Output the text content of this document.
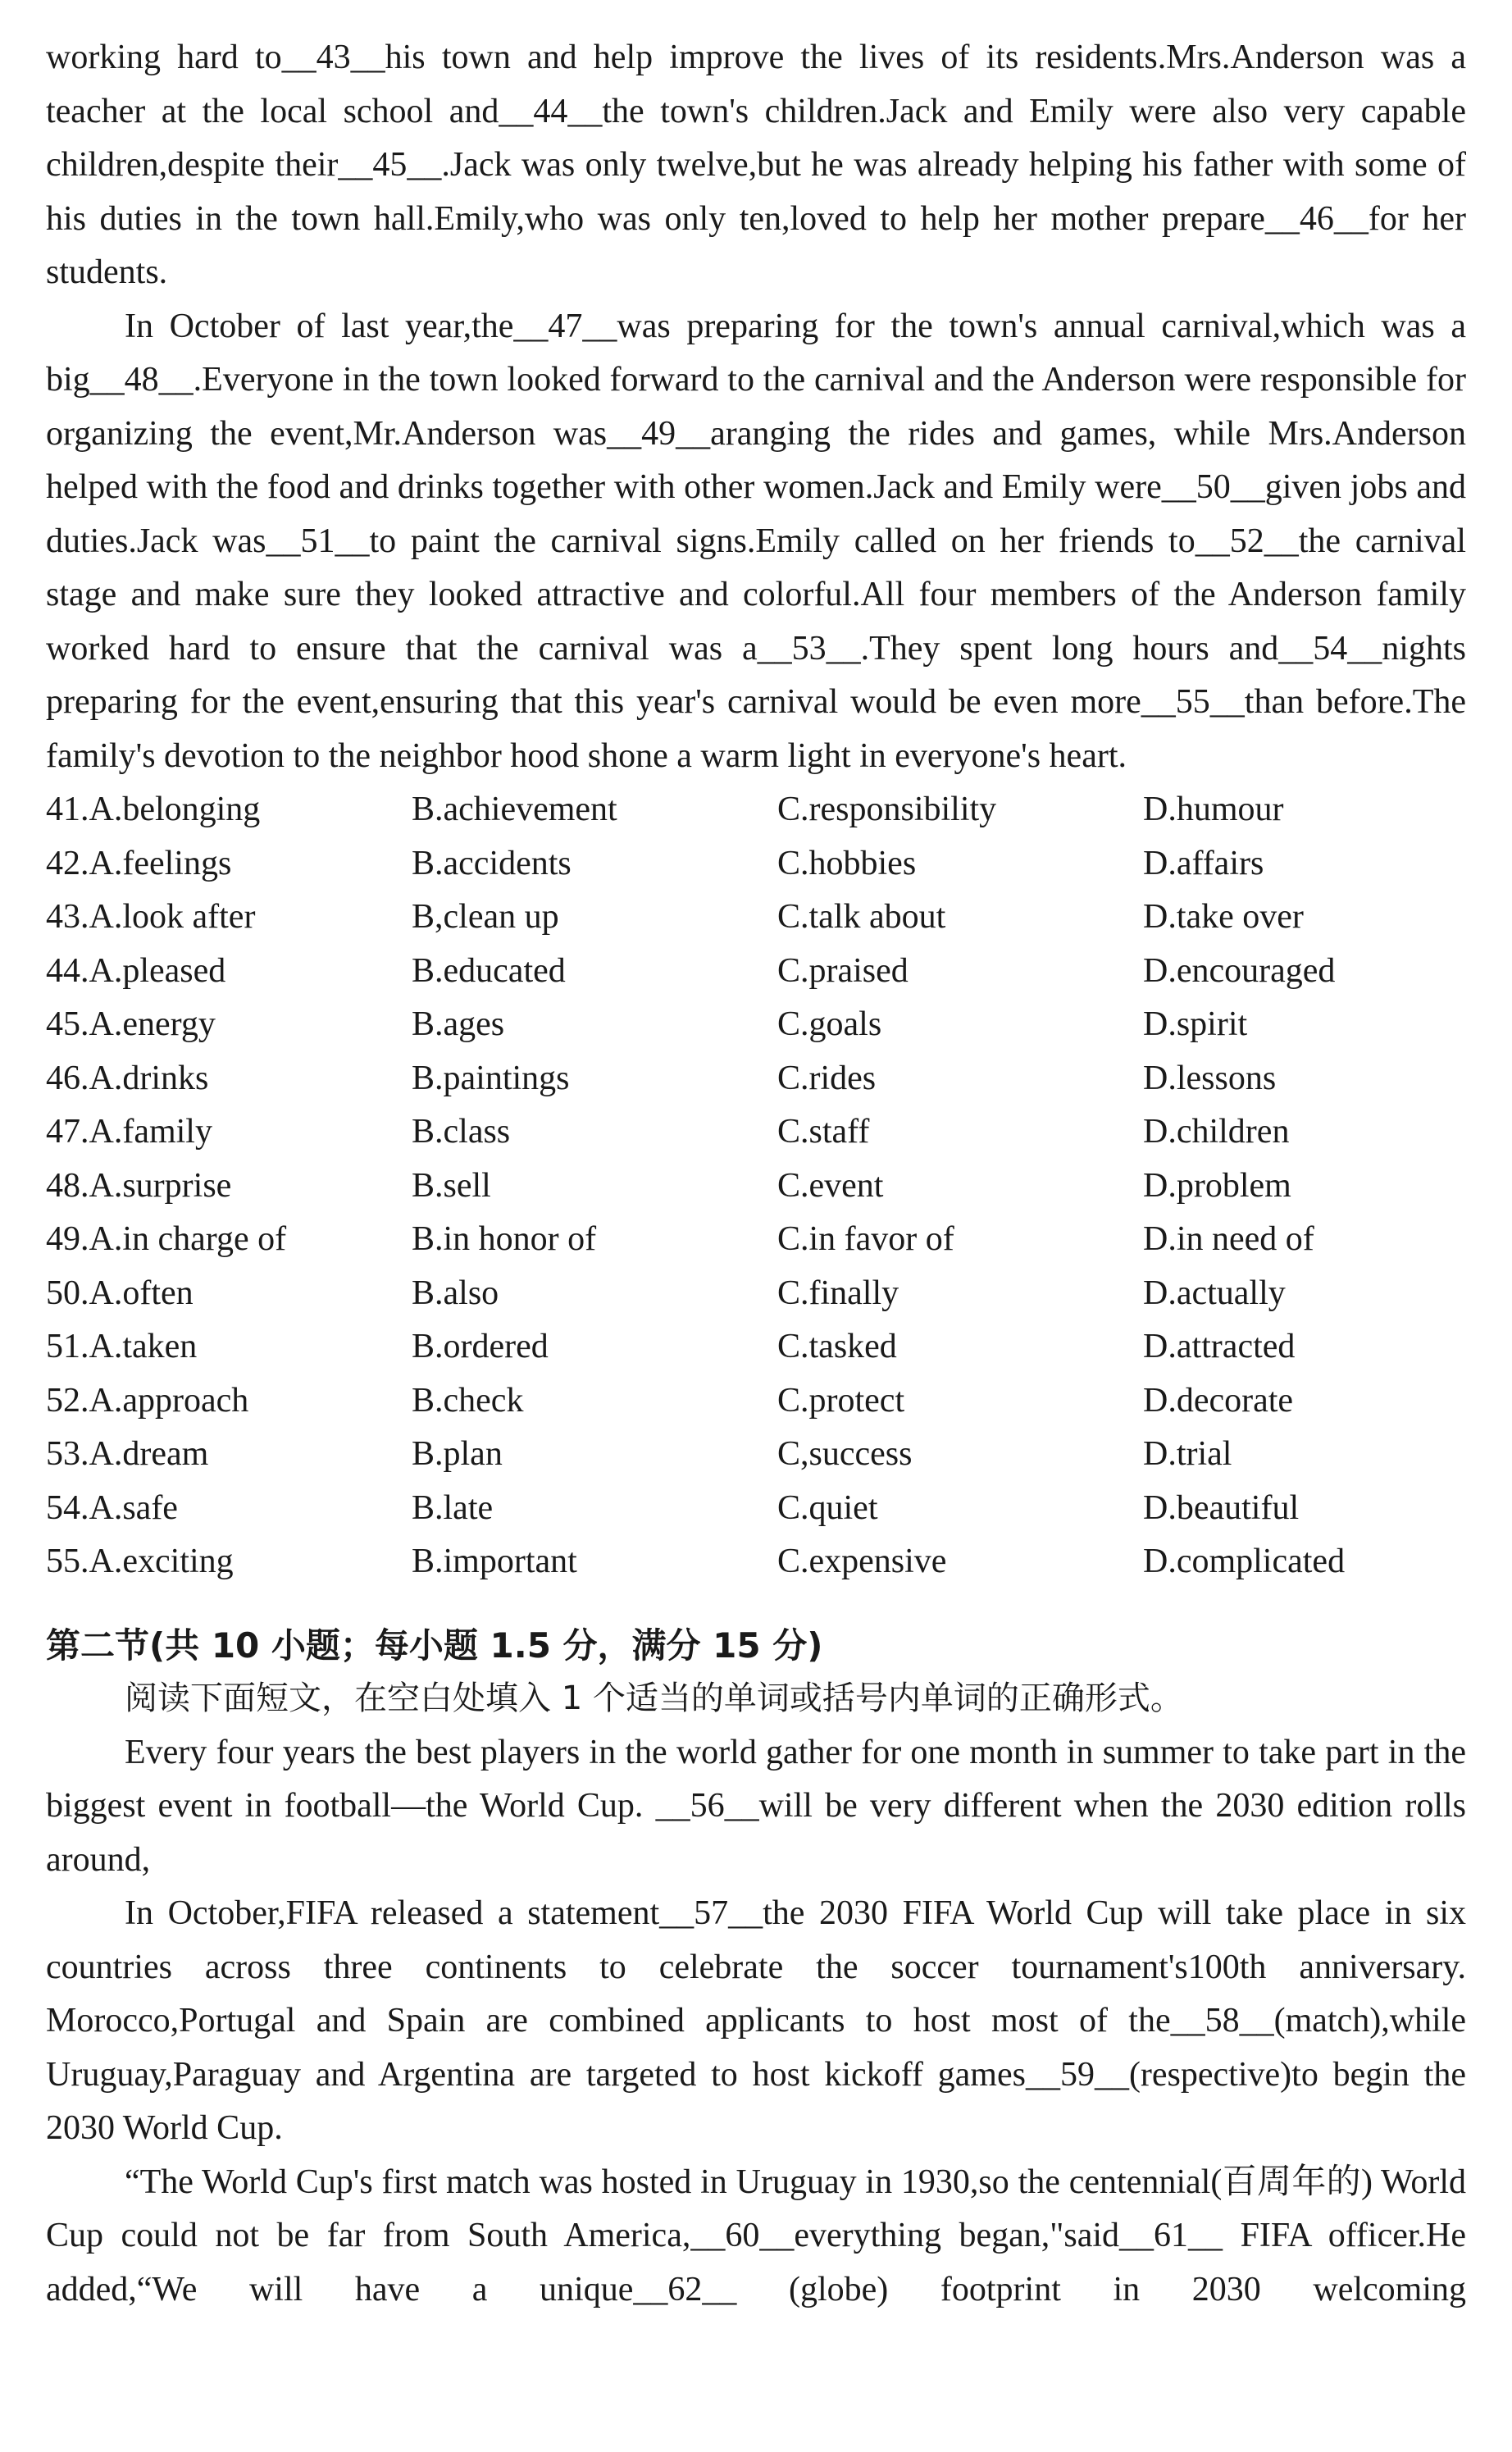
working hard to__43__his town and help improve the lives of its residents.Mrs.Anderson was a teacher at the local school and__44__the town's children.Jack and Emily were also very capable children,despite their__45__.Jack was only twelve,but he was already helping his father with some of his duties in the town hall.Emily,who was only ten,loved to help her mother prepare__46__for her students.

In October of last year,the__47__was preparing for the town's annual carnival,which was a big__48__.Everyone in the town looked forward to the carnival and the Anderson were responsible for organizing the event,Mr.Anderson was__49__aranging the rides and games, while Mrs.Anderson helped with the food and drinks together with other women.Jack and Emily were__50__given jobs and duties.Jack was__51__to paint the carnival signs.Emily called on her friends to__52__the carnival stage and make sure they looked attractive and colorful.All four members of the Anderson family worked hard to ensure that the carnival was a__53__.They spent long hours and__54__nights preparing for the event,ensuring that this year's carnival would be even more__55__than before.The family's devotion to the neighbor hood shone a warm light in everyone's heart.

41.A.belonging	B.achievement	C.responsibility	D.humour
42.A.feelings	B.accidents	C.hobbies	D.affairs
43.A.look after	B,clean up	C.talk about	D.take over
44.A.pleased	B.educated	C.praised	D.encouraged
45.A.energy	B.ages	C.goals	D.spirit
46.A.drinks	B.paintings	C.rides	D.lessons
47.A.family	B.class	C.staff	D.children
48.A.surprise	B.sell	C.event	D.problem
49.A.in charge of	B.in honor of	C.in favor of	D.in need of
50.A.often	B.also	C.finally	D.actually
51.A.taken	B.ordered	C.tasked	D.attracted
52.A.approach	B.check	C.protect	D.decorate
53.A.dream	B.plan	C,success	D.trial
54.A.safe	B.late	C.quiet	D.beautiful
55.A.exciting	B.important	C.expensive	D.complicated
第二节(共 10 小题；每小题 1.5 分，满分 15 分)

阅读下面短文，在空白处填入 1 个适当的单词或括号内单词的正确形式。

Every four years the best players in the world gather for one month in summer to take part in the biggest event in football—the World Cup. __56__will be very different when the 2030 edition rolls around,

In October,FIFA released a statement__57__the 2030 FIFA World Cup will take place in six countries across three continents to celebrate the soccer tournament's100th anniversary. Morocco,Portugal and Spain are combined applicants to host most of the__58__(match),while Uruguay,Paraguay and Argentina are targeted to host kickoff games__59__(respective)to begin the 2030 World Cup.

“The World Cup's first match was hosted in Uruguay in 1930,so the centennial(百周年的) World Cup could not be far from South America,__60__everything began,"said__61__ FIFA officer.He added,“We will have a unique__62__ (globe) footprint in 2030 welcoming
